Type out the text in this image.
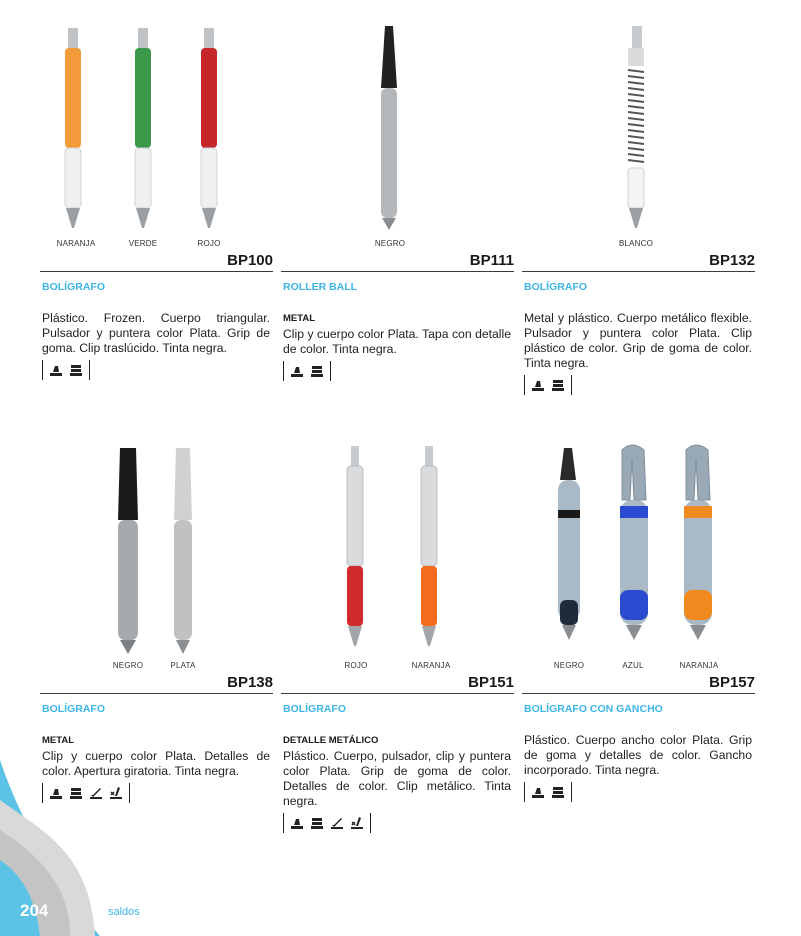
NARANJA	VERDE	ROJO
BP100
BOLÍGRAFO
Plástico. Frozen. Cuerpo triangular. Pulsador y puntera color Plata. Grip de goma. Clip traslúcido. Tinta negra.
NEGRO
BP111
ROLLER BALL
METAL
Clip y cuerpo color Plata. Tapa con detalle de color. Tinta negra.
BLANCO
BP132
BOLÍGRAFO
Metal y plástico. Cuerpo metálico flexible. Pulsador y puntera color Plata. Clip plástico de color. Grip de goma de color. Tinta negra.
NEGRO	PLATA
BP138
BOLÍGRAFO
METAL
Clip y cuerpo color Plata. Detalles de color. Apertura giratoria. Tinta negra.
ROJO	NARANJA
BP151
BOLÍGRAFO
DETALLE METÁLICO
Plástico. Cuerpo, pulsador, clip y puntera color Plata. Grip de goma de color. Detalles de color. Clip metálico. Tinta negra.
NEGRO	AZUL	NARANJA
BP157
BOLÍGRAFO CON GANCHO
Plástico. Cuerpo ancho color Plata. Grip de goma y detalles de color. Gancho incorporado. Tinta negra.
204	saldos
